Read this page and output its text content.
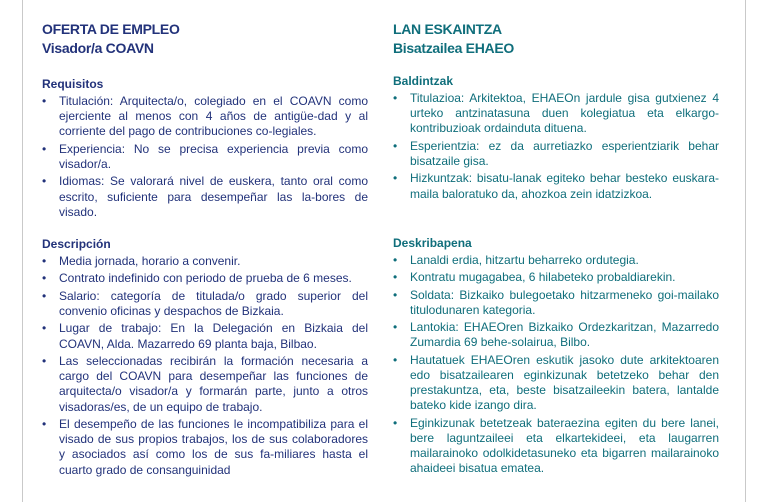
OFERTA DE EMPLEO
Visador/a COAVN
Requisitos
• Titulación: Arquitecta/o, colegiado en el COAVN como ejerciente al menos con 4 años de antigüe-dad y al corriente del pago de contribuciones co-legiales.
• Experiencia: No se precisa experiencia previa como visador/a.
• Idiomas: Se valorará nivel de euskera, tanto oral como escrito, suficiente para desempeñar las la-bores de visado.
Descripción
• Media jornada, horario a convenir.
• Contrato indefinido con periodo de prueba de 6 meses.
• Salario: categoría de titulada/o grado superior del convenio oficinas y despachos de Bizkaia.
• Lugar de trabajo: En la Delegación en Bizkaia del COAVN, Alda. Mazarredo 69 planta baja, Bilbao.
• Las seleccionadas recibirán la formación necesaria a cargo del COAVN para desempeñar las funciones de arquitecta/o visador/a y formarán parte, junto a otros visadoras/es, de un equipo de trabajo.
• El desempeño de las funciones le incompatibiliza para el visado de sus propios trabajos, los de sus colaboradores y asociados así como los de sus fa-miliares hasta el cuarto grado de consanguinidad
LAN ESKAINTZA
Bisatzailea EHAEO
Baldintzak
• Titulazioa: Arkitektoa, EHAEOn jardule gisa gutxienez 4 urteko antzinatasuna duen kolegiatua eta elkargo-kontribuzioak ordainduta dituena.
• Esperientzia: ez da aurretiazko esperientziarik behar bisatzaile gisa.
• Hizkuntzak: bisatu-lanak egiteko behar besteko euskara-maila baloratuko da, ahozkoa zein idatzizkoa.
Deskribapena
• Lanaldi erdia, hitzartu beharreko ordutegia.
• Kontratu mugagabea, 6 hilabeteko probaldiarekin.
• Soldata: Bizkaiko bulegoetako hitzarmeneko goi-mailako titulodunaren kategoria.
• Lantokia: EHAEOren Bizkaiko Ordezkaritzan, Mazarredo Zumardia 69 behe-solairua, Bilbo.
• Hautatuek EHAEOren eskutik jasoko dute arkitektoaren edo bisatzailearen eginkizunak betetzeko behar den prestakuntza, eta, beste bisatzaileekin batera, lantalde bateko kide izango dira.
• Eginkizunak betetzeak bateraezina egiten du bere lanei, bere laguntzaileei eta elkartekideei, eta laugarren mailarainoko odolkidetasuneko eta bigarren mailarainoko ahaideei bisatua ematea.
